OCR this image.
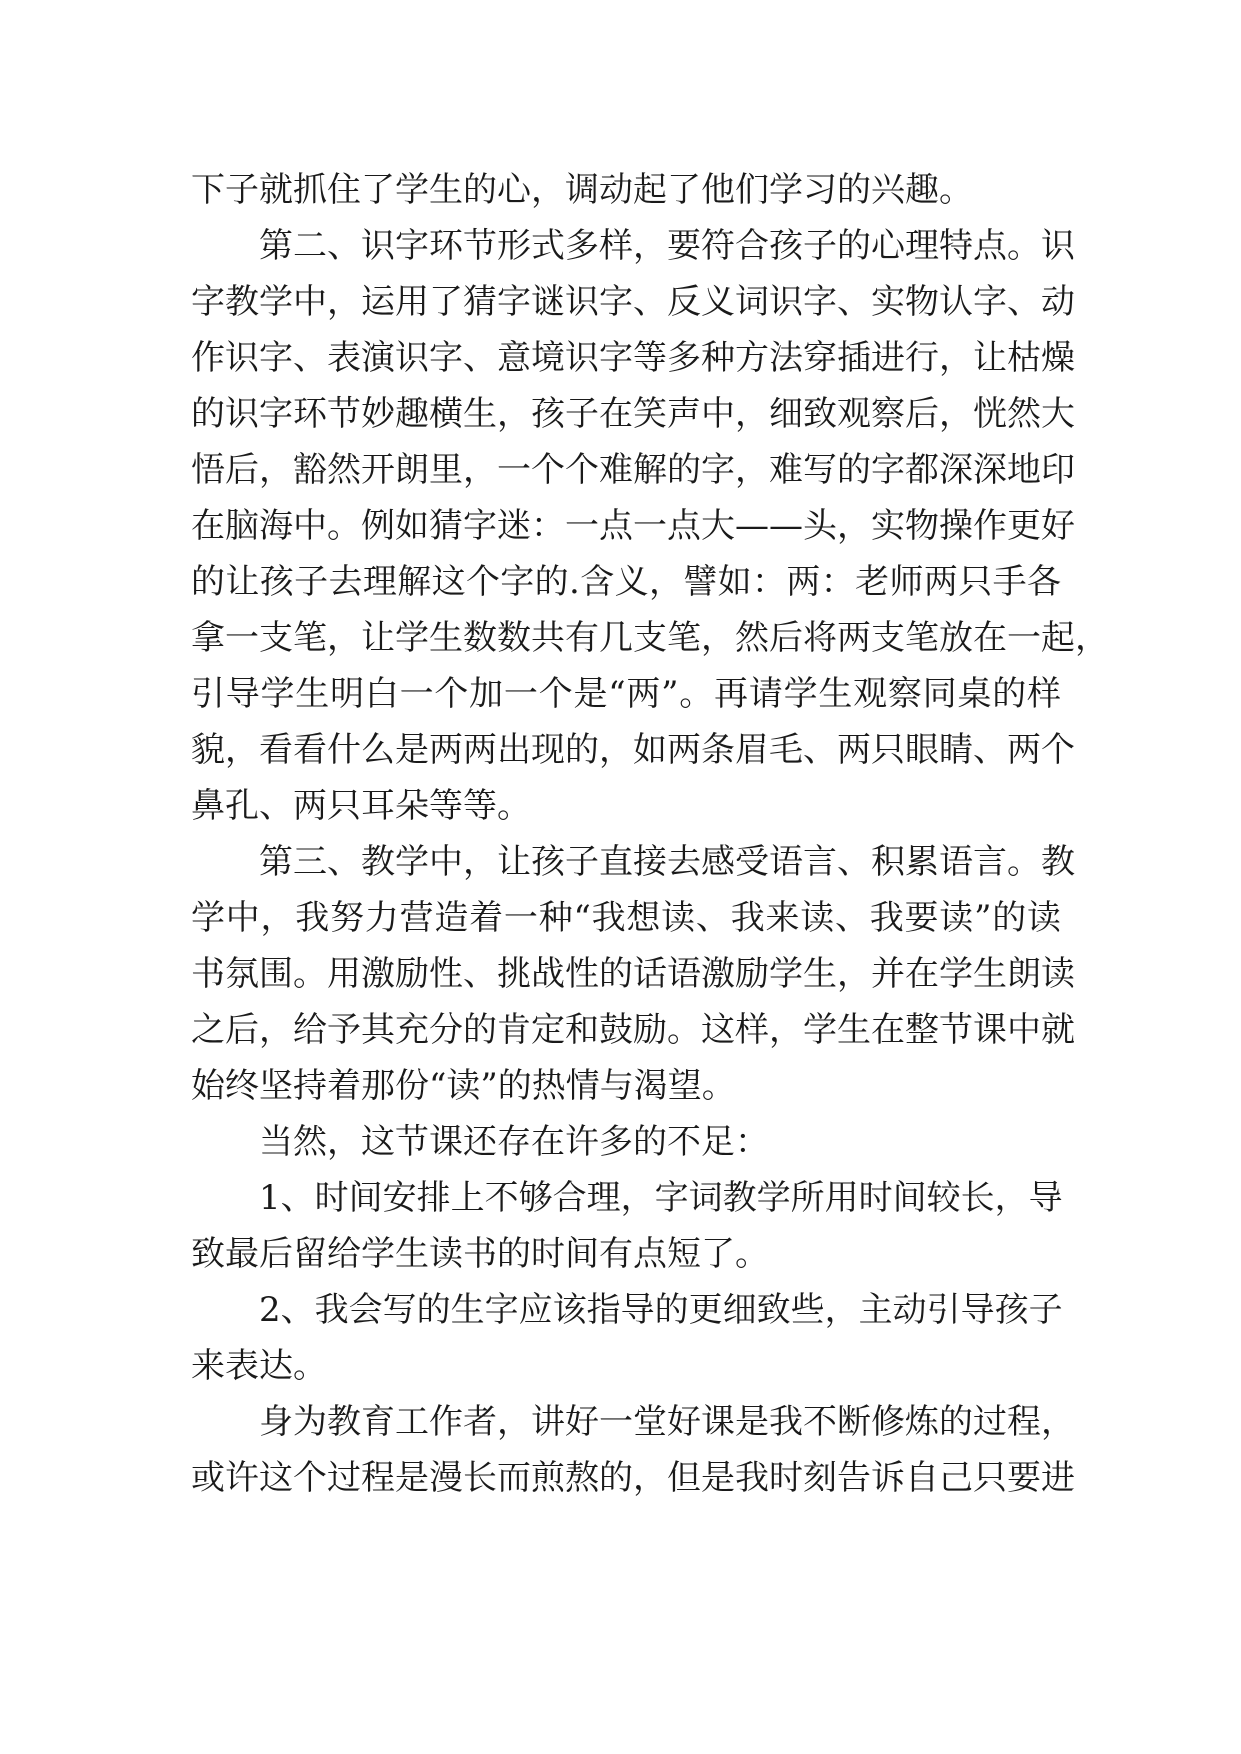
下子就抓住了学生的心，调动起了他们学习的兴趣。

第二、识字环节形式多样，要符合孩子的心理特点。识

字教学中，运用了猜字谜识字、反义词识字、实物认字、动

作识字、表演识字、意境识字等多种方法穿插进行，让枯燥

的识字环节妙趣横生，孩子在笑声中，细致观察后，恍然大

悟后，豁然开朗里，一个个难解的字，难写的字都深深地印

在脑海中。例如猜字迷：一点一点大——头，实物操作更好

的让孩子去理解这个字的.含义，譬如：两：老师两只手各

拿一支笔，让学生数数共有几支笔，然后将两支笔放在一起，

引导学生明白一个加一个是“两”。再请学生观察同桌的样

貌，看看什么是两两出现的，如两条眉毛、两只眼睛、两个

鼻孔、两只耳朵等等。

第三、教学中，让孩子直接去感受语言、积累语言。教

学中，我努力营造着一种“我想读、我来读、我要读”的读

书氛围。用激励性、挑战性的话语激励学生，并在学生朗读

之后，给予其充分的肯定和鼓励。这样，学生在整节课中就

始终坚持着那份“读”的热情与渴望。

当然，这节课还存在许多的不足：

1、时间安排上不够合理，字词教学所用时间较长，导

致最后留给学生读书的时间有点短了。

2、我会写的生字应该指导的更细致些，主动引导孩子

来表达。

身为教育工作者，讲好一堂好课是我不断修炼的过程，

或许这个过程是漫长而煎熬的，但是我时刻告诉自己只要进
